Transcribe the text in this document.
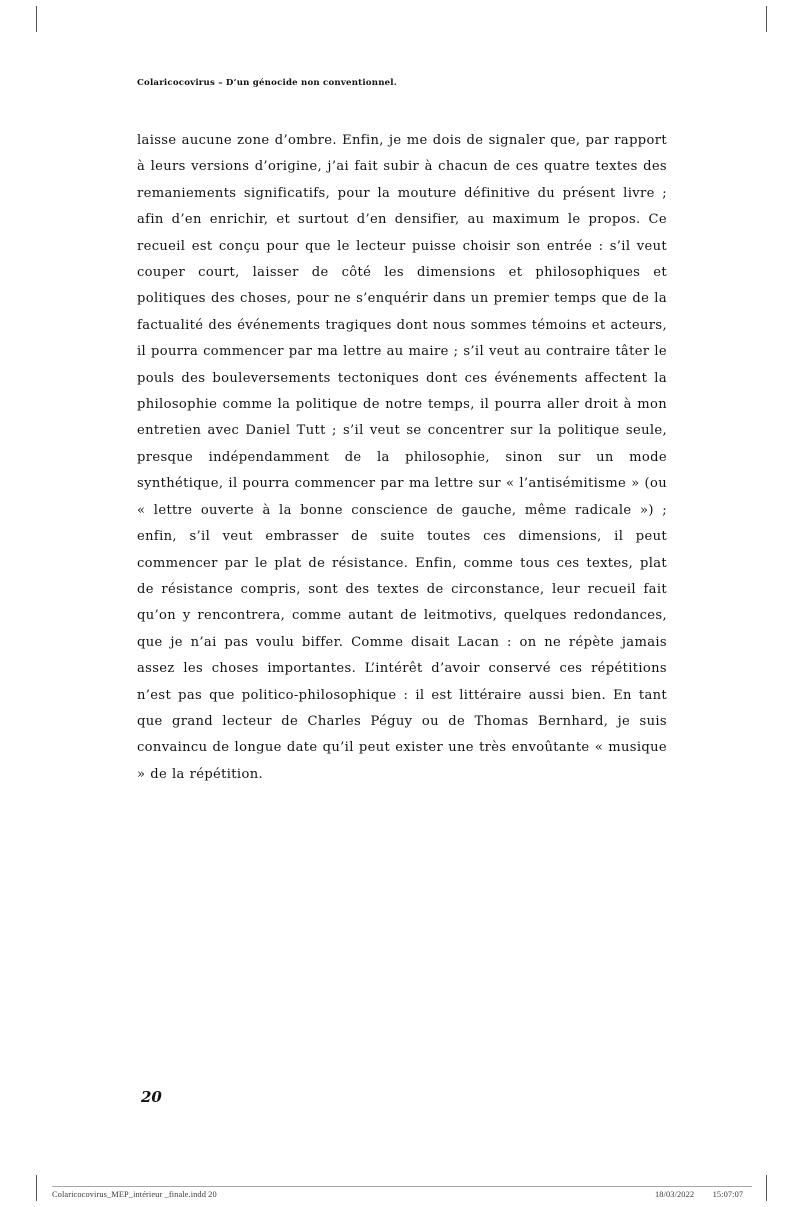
Colaricocovirus – D’un génocide non conventionnel.

laisse aucune zone d’ombre. Enfin, je me dois de signaler que, par rapport à leurs versions d’origine, j’ai fait subir à chacun de ces quatre textes des remaniements significatifs, pour la mouture définitive du présent livre ; afin d’en enrichir, et surtout d’en densifier, au maximum le propos. Ce recueil est conçu pour que le lecteur puisse choisir son entrée : s’il veut couper court, laisser de côté les dimensions et philosophiques et politiques des choses, pour ne s’enquérir dans un premier temps que de la factualité des événements tragiques dont nous sommes témoins et acteurs, il pourra commencer par ma lettre au maire ; s’il veut au contraire tâter le pouls des bouleversements tectoniques dont ces événements affectent la philosophie comme la politique de notre temps, il pourra aller droit à mon entretien avec Daniel Tutt ; s’il veut se concentrer sur la politique seule, presque indépendamment de la philosophie, sinon sur un mode synthétique, il pourra commencer par ma lettre sur « l’antisémitisme » (ou « lettre ouverte à la bonne conscience de gauche, même radicale ») ; enfin, s’il veut embrasser de suite toutes ces dimensions, il peut commencer par le plat de résistance. Enfin, comme tous ces textes, plat de résistance compris, sont des textes de circonstance, leur recueil fait qu’on y rencontrera, comme autant de leitmotivs, quelques redondances, que je n’ai pas voulu biffer. Comme disait Lacan : on ne répète jamais assez les choses importantes. L’intérêt d’avoir conservé ces répétitions n’est pas que politico-philosophique : il est littéraire aussi bien. En tant que grand lecteur de Charles Péguy ou de Thomas Bernhard, je suis convaincu de longue date qu’il peut exister une très envoûtante « musique » de la répétition.

20
Colaricocovirus_MEP_intérieur _finale.indd 20	18/03/2022 15:07:07
